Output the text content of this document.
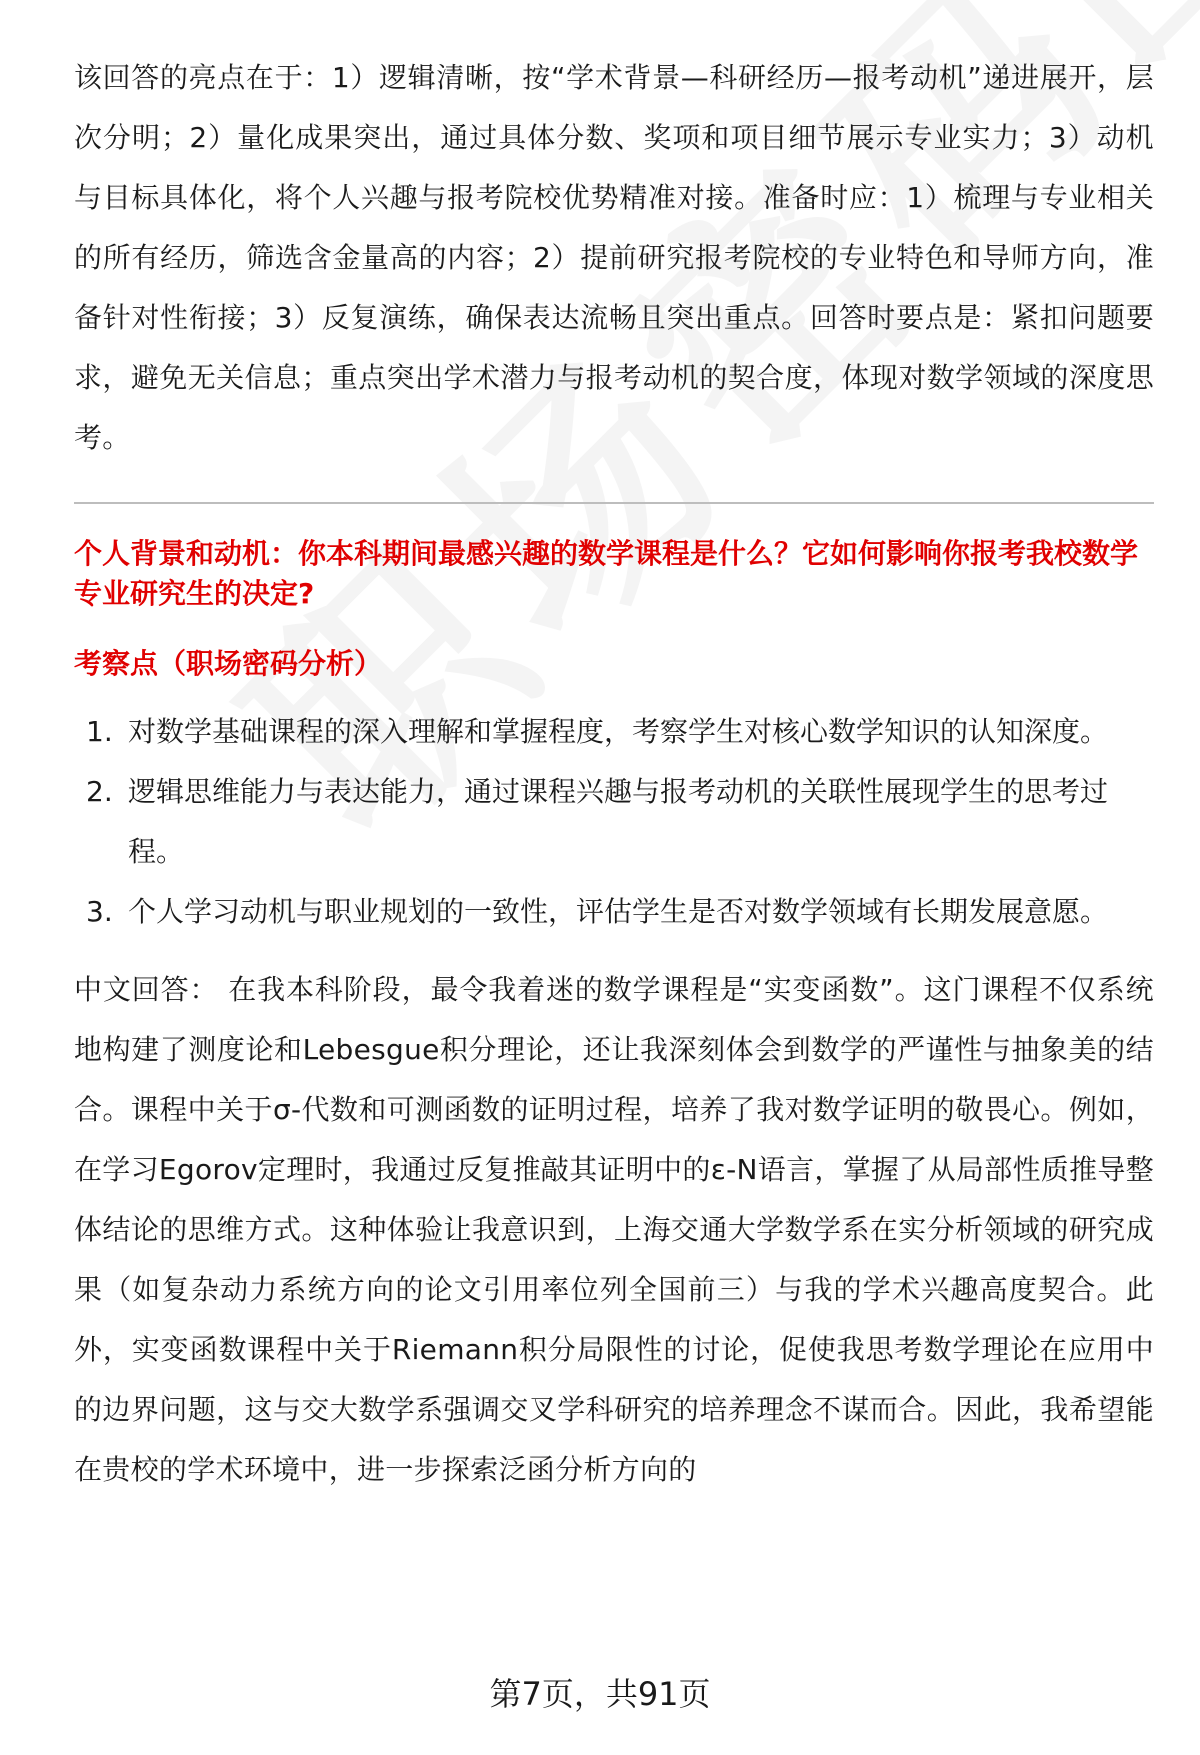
该回答的亮点在于：1）逻辑清晰，按“学术背景—科研经历—报考动机”递进展开，层次分明；2）量化成果突出，通过具体分数、奖项和项目细节展示专业实力；3）动机与目标具体化，将个人兴趣与报考院校优势精准对接。准备时应：1）梳理与专业相关的所有经历，筛选含金量高的内容；2）提前研究报考院校的专业特色和导师方向，准备针对性衔接；3）反复演练，确保表达流畅且突出重点。回答时要点是：紧扣问题要求，避免无关信息；重点突出学术潜力与报考动机的契合度，体现对数学领域的深度思考。

个人背景和动机：你本科期间最感兴趣的数学课程是什么？它如何影响你报考我校数学专业研究生的决定?

考察点（职场密码分析）

1. 对数学基础课程的深入理解和掌握程度，考察学生对核心数学知识的认知深度。
2. 逻辑思维能力与表达能力，通过课程兴趣与报考动机的关联性展现学生的思考过程。
3. 个人学习动机与职业规划的一致性，评估学生是否对数学领域有长期发展意愿。

中文回答： 在我本科阶段，最令我着迷的数学课程是“实变函数”。这门课程不仅系统地构建了测度论和Lebesgue积分理论，还让我深刻体会到数学的严谨性与抽象美的结合。课程中关于σ-代数和可测函数的证明过程，培养了我对数学证明的敬畏心。例如，在学习Egorov定理时，我通过反复推敲其证明中的ε-N语言，掌握了从局部性质推导整体结论的思维方式。这种体验让我意识到，上海交通大学数学系在实分析领域的研究成果（如复杂动力系统方向的论文引用率位列全国前三）与我的学术兴趣高度契合。此外，实变函数课程中关于Riemann积分局限性的讨论，促使我思考数学理论在应用中的边界问题，这与交大数学系强调交叉学科研究的培养理念不谋而合。因此，我希望能在贵校的学术环境中，进一步探索泛函分析方向的

第7页，共91页
